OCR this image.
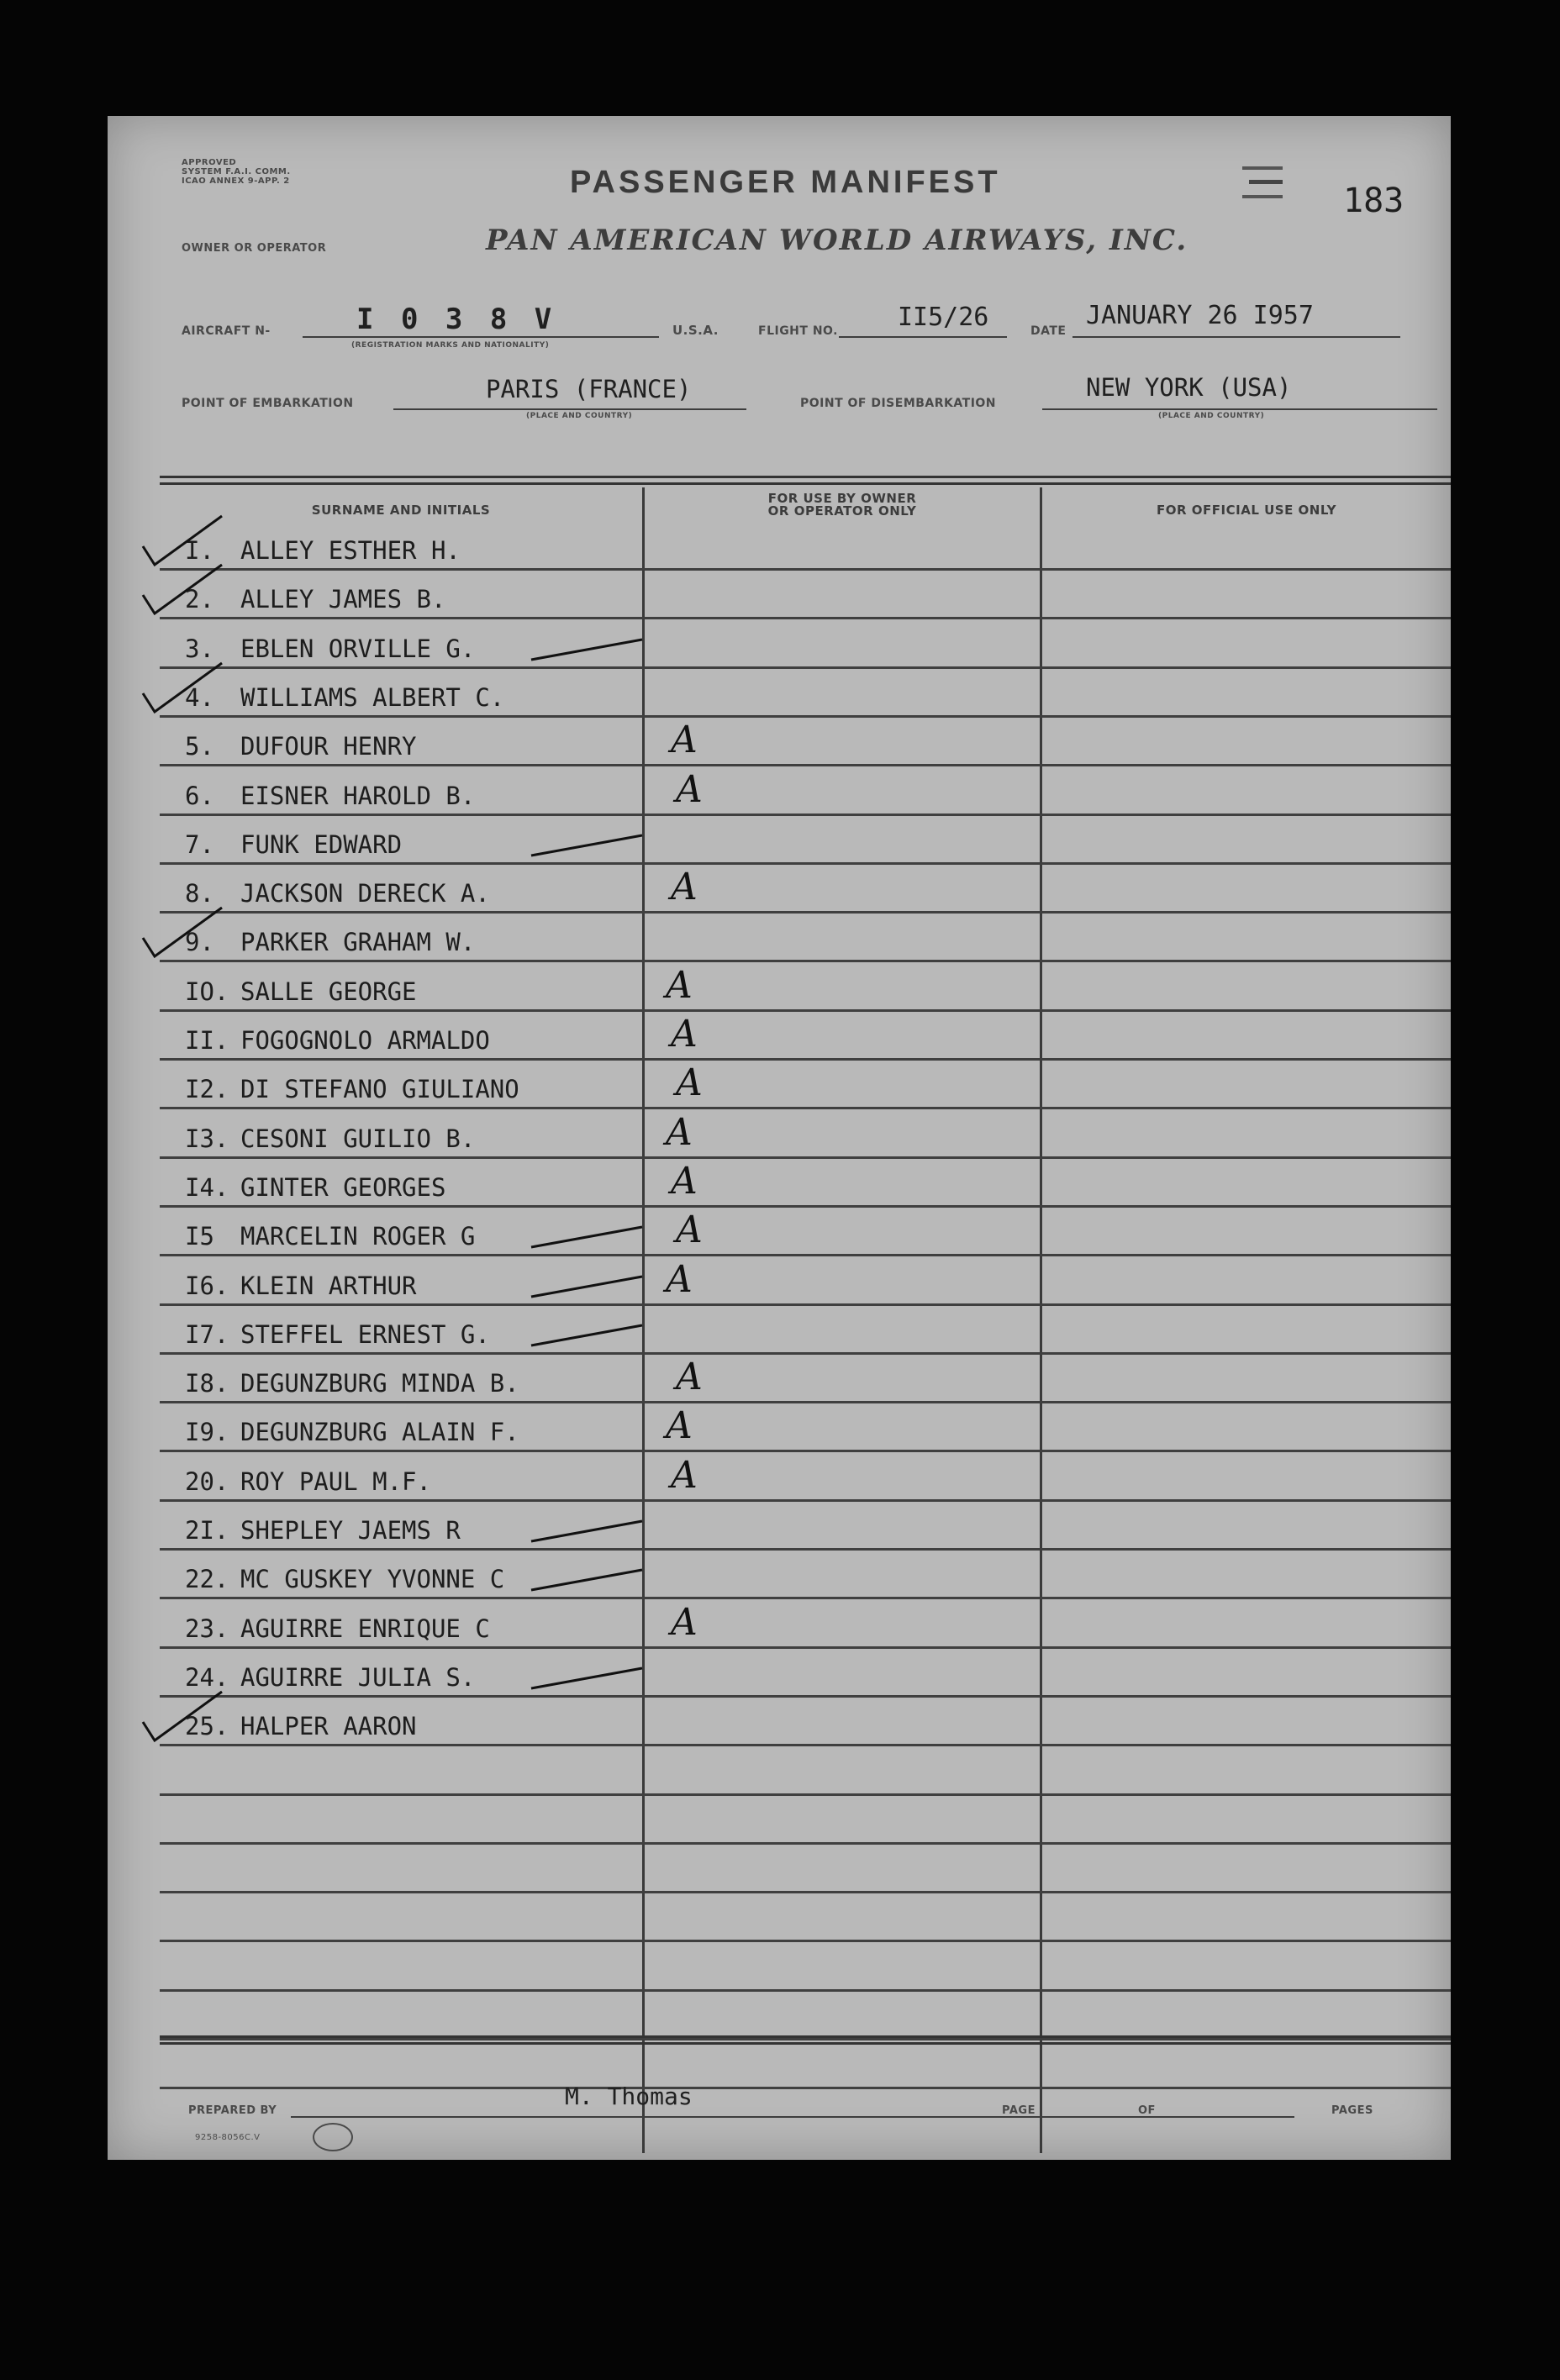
APPROVED
SYSTEM F.A.I. COMM.
ICAO ANNEX 9-APP. 2	PASSENGER MANIFEST	183
OWNER OR OPERATOR	PAN AMERICAN WORLD AIRWAYS, INC.
AIRCRAFT N-	I 0 3 8 V
(REGISTRATION MARKS AND NATIONALITY)
U.S.A.	FLIGHT NO. II5/26	DATE
JANUARY 26 I957
POINT OF EMBARKATION	PARIS (FRANCE)
(PLACE AND COUNTRY)
POINT OF DISEMBARKATION
NEW YORK (USA)
(PLACE AND COUNTRY)
SURNAME AND INITIALS
FOR USE BY OWNER
OR OPERATOR ONLY	FOR OFFICIAL USE ONLY
I. ALLEY ESTHER H.
2. ALLEY JAMES B.
3. EBLEN ORVILLE G.
4. WILLIAMS ALBERT C.
5. DUFOUR HENRY	A
6. EISNER HAROLD B.	A
7. FUNK EDWARD
8. JACKSON DERECK A.	A
9. PARKER GRAHAM W.
IO. SALLE GEORGE	A
II. FOGOGNOLO ARMALDO	A
I2. DI STEFANO GIULIANO	A
I3. CESONI GUILIO B.	A
I4. GINTER GEORGES	A
I5 MARCELIN ROGER G	A
I6. KLEIN ARTHUR	A
I7. STEFFEL ERNEST G.
I8. DEGUNZBURG MINDA B.	A
I9. DEGUNZBURG ALAIN F.	A
20. ROY PAUL M.F.	A
2I. SHEPLEY JAEMS R
22. MC GUSKEY YVONNE C
23. AGUIRRE ENRIQUE C	A
24. AGUIRRE JULIA S.
25. HALPER AARON
PREPARED BY
M. Thomas
PAGE	OF	PAGES
9258-8056C.V
